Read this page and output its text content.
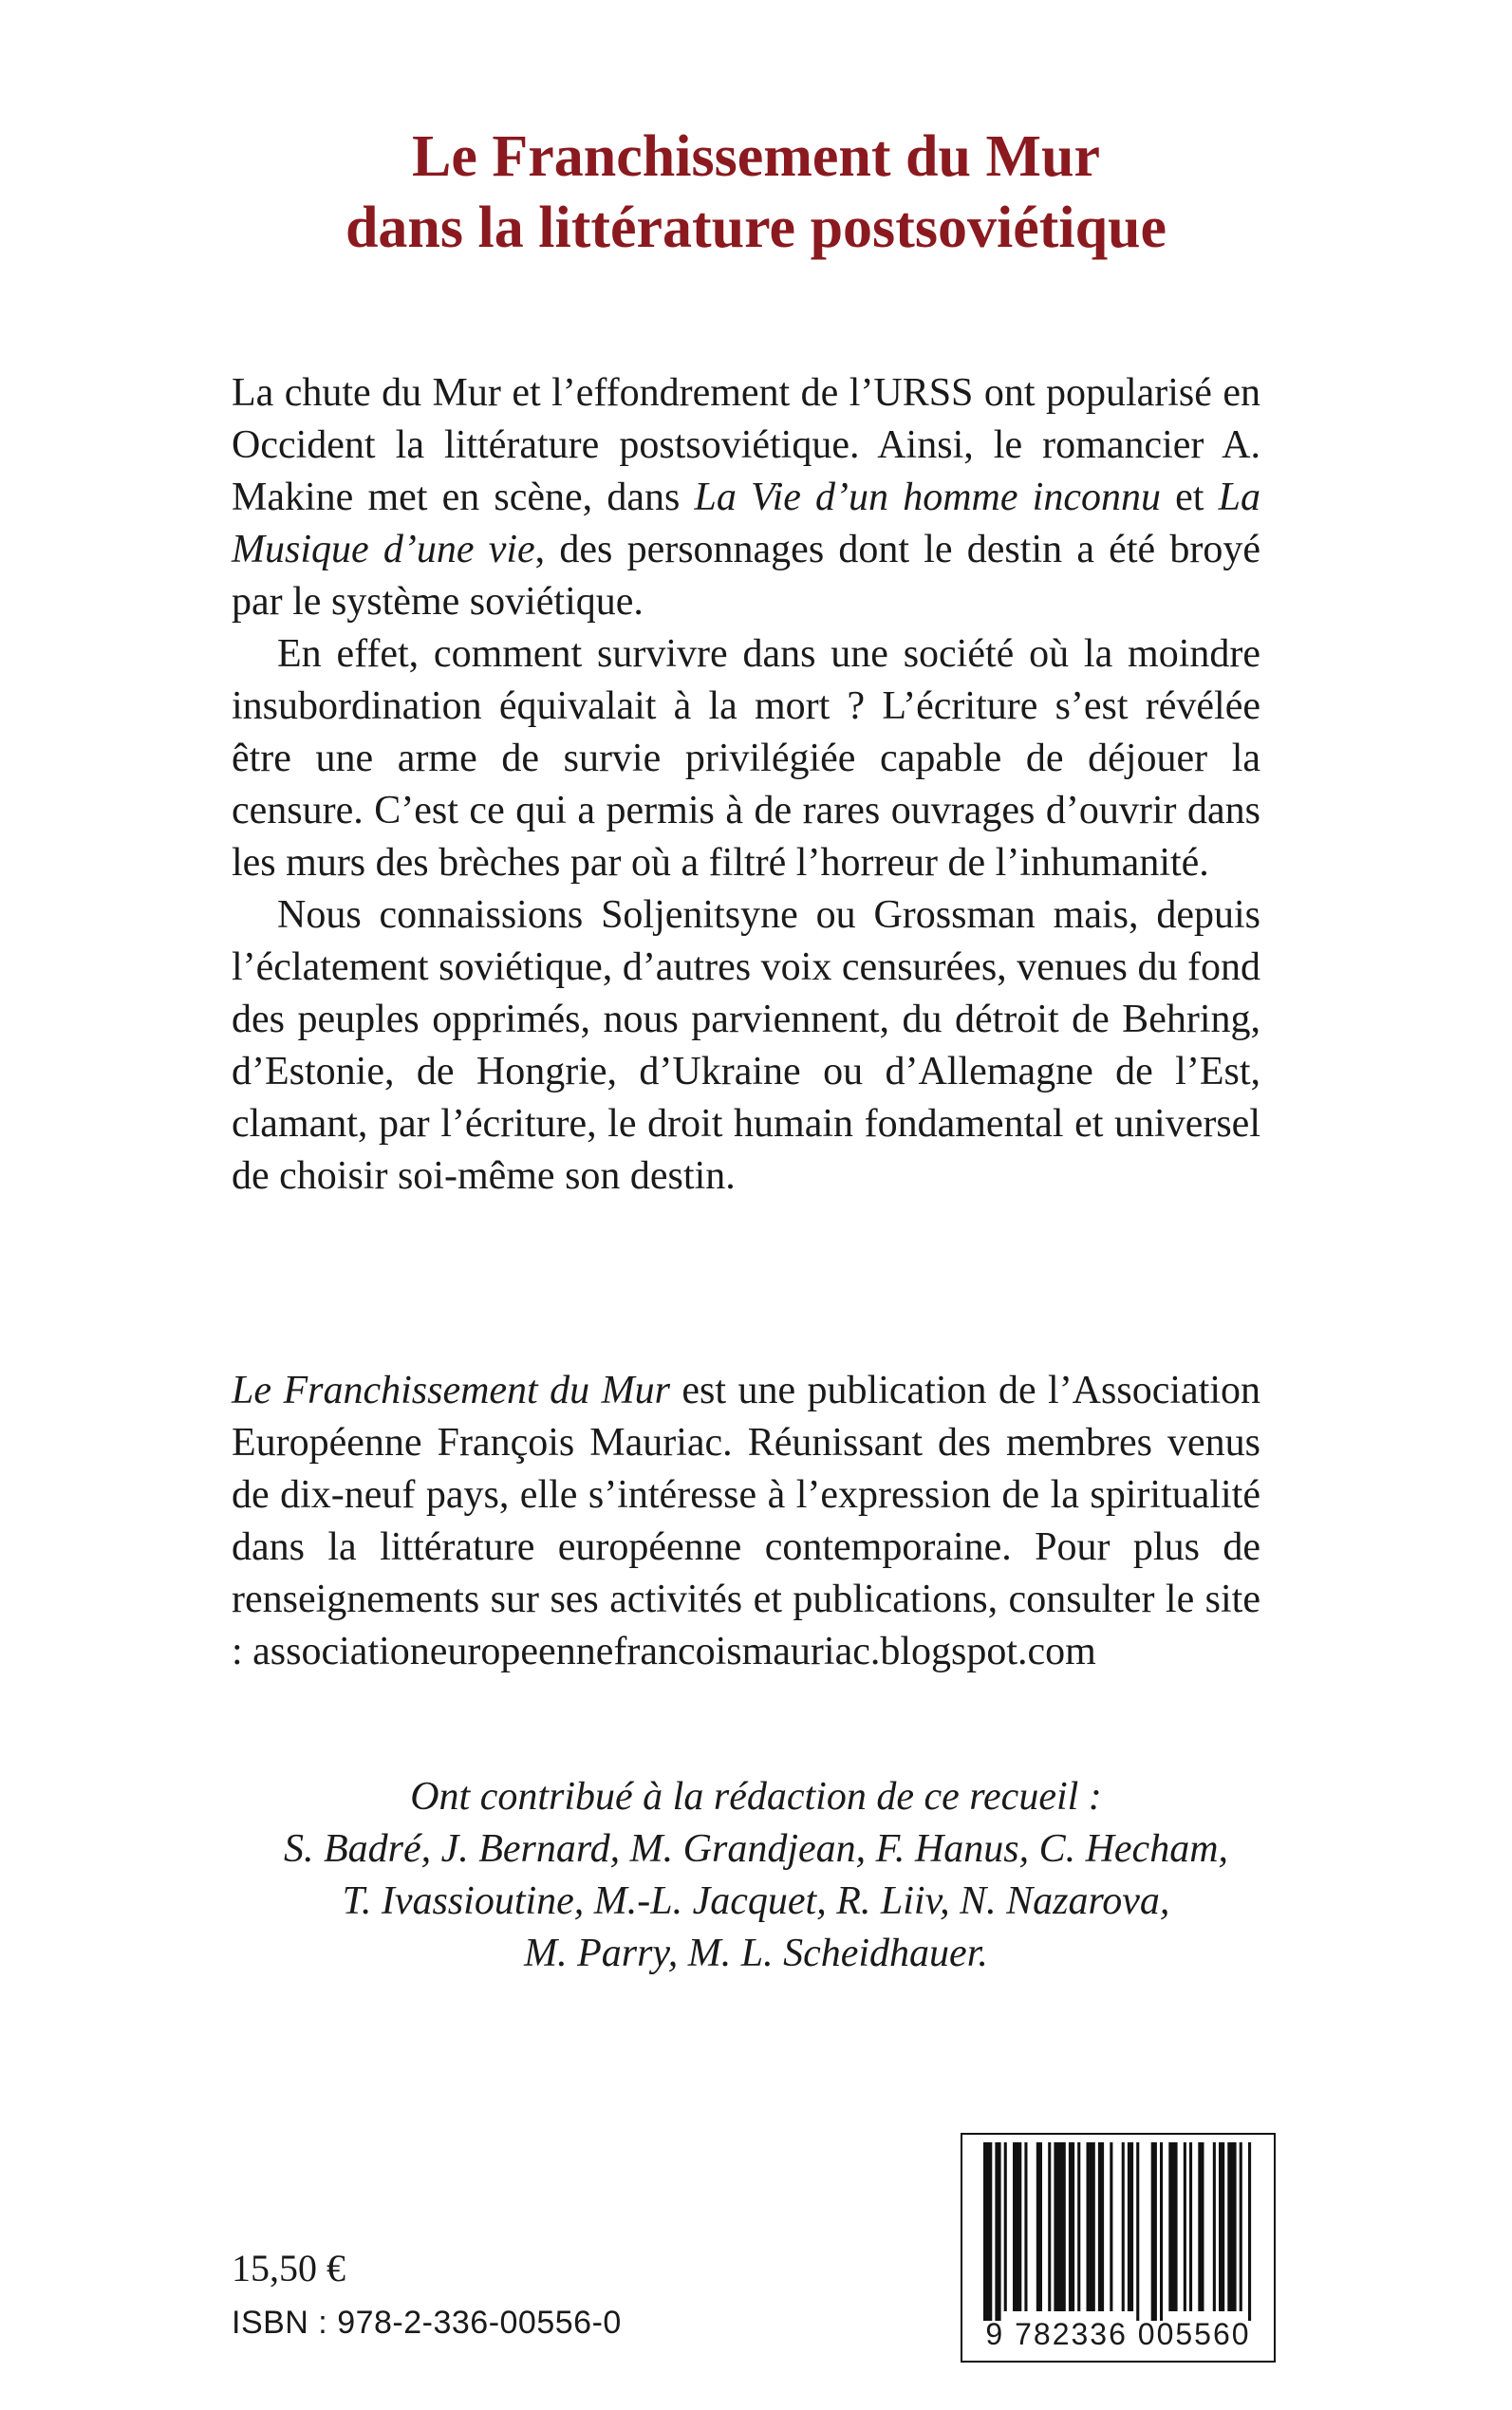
Le Franchissement du Mur
dans la littérature postsoviétique

La chute du Mur et l’effondrement de l’URSS ont popularisé en Occident la littérature postsoviétique. Ainsi, le romancier A. Makine met en scène, dans La Vie d’un homme inconnu et La Musique d’une vie, des personnages dont le destin a été broyé par le système soviétique.

En effet, comment survivre dans une société où la moindre insubordination équivalait à la mort ? L’écriture s’est révélée être une arme de survie privilégiée capable de déjouer la censure. C’est ce qui a permis à de rares ouvrages d’ouvrir dans les murs des brèches par où a filtré l’horreur de l’inhumanité.

Nous connaissions Soljenitsyne ou Grossman mais, depuis l’éclatement soviétique, d’autres voix censurées, venues du fond des peuples opprimés, nous parviennent, du détroit de Behring, d’Estonie, de Hongrie, d’Ukraine ou d’Allemagne de l’Est, clamant, par l’écriture, le droit humain fondamental et universel de choisir soi-même son destin.

Le Franchissement du Mur est une publication de l’Association Européenne François Mauriac. Réunissant des membres venus de dix-neuf pays, elle s’intéresse à l’expression de la spiritualité dans la littérature européenne contemporaine. Pour plus de renseignements sur ses activités et publications, consulter le site : associationeuropeennefrancoismauriac.blogspot.com

Ont contribué à la rédaction de ce recueil :
S. Badré, J. Bernard, M. Grandjean, F. Hanus, C. Hecham,
T. Ivassioutine, M.-L. Jacquet, R. Liiv, N. Nazarova,
M. Parry, M. L. Scheidhauer.
15,50 €
ISBN : 978-2-336-00556-0	9 782336 005560
